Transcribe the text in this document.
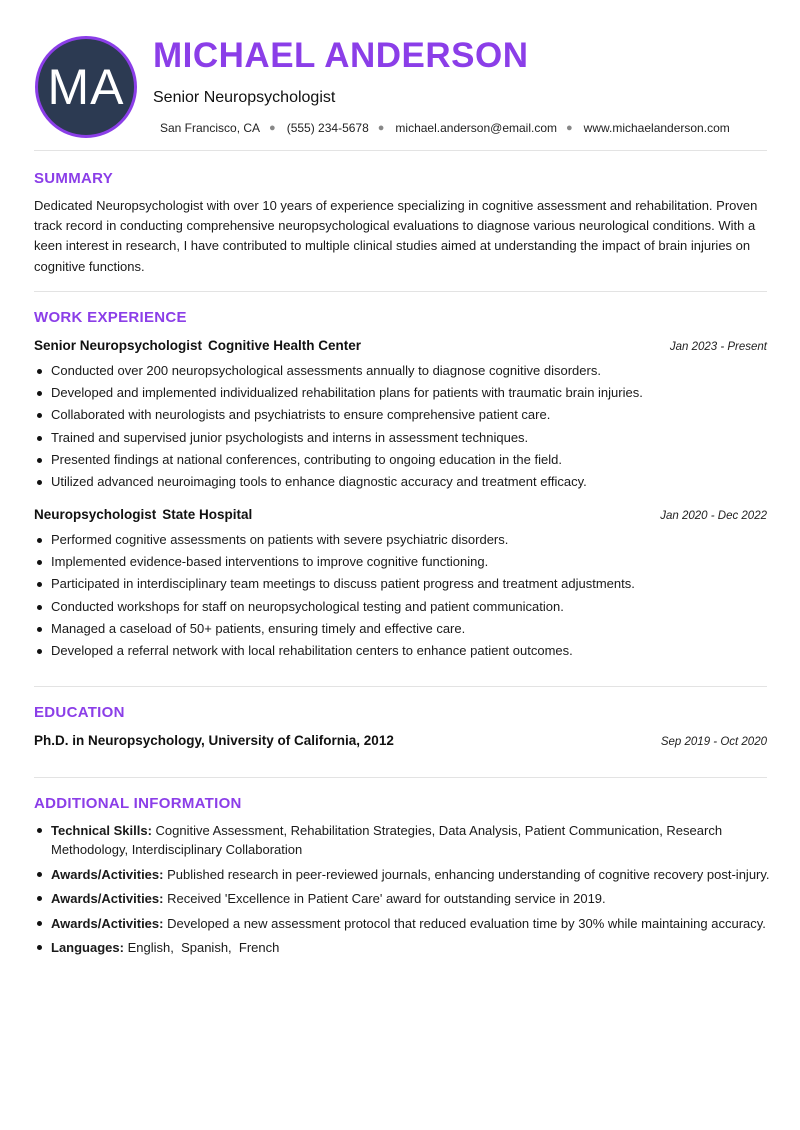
MA
MICHAEL ANDERSON
Senior Neuropsychologist
San Francisco, CA ● (555) 234-5678 ● michael.anderson@email.com ● www.michaelanderson.com
SUMMARY

Dedicated Neuropsychologist with over 10 years of experience specializing in cognitive assessment and rehabilitation. Proven track record in conducting comprehensive neuropsychological evaluations to diagnose various neurological conditions. With a keen interest in research, I have contributed to multiple clinical studies aimed at understanding the impact of brain injuries on cognitive functions.

WORK EXPERIENCE
Senior Neuropsychologist Cognitive Health Center	Jan 2023 - Present
Conducted over 200 neuropsychological assessments annually to diagnose cognitive disorders.
Developed and implemented individualized rehabilitation plans for patients with traumatic brain injuries.
Collaborated with neurologists and psychiatrists to ensure comprehensive patient care.
Trained and supervised junior psychologists and interns in assessment techniques.
Presented findings at national conferences, contributing to ongoing education in the field.
Utilized advanced neuroimaging tools to enhance diagnostic accuracy and treatment efficacy.
Neuropsychologist State Hospital	Jan 2020 - Dec 2022
Performed cognitive assessments on patients with severe psychiatric disorders.
Implemented evidence-based interventions to improve cognitive functioning.
Participated in interdisciplinary team meetings to discuss patient progress and treatment adjustments.
Conducted workshops for staff on neuropsychological testing and patient communication.
Managed a caseload of 50+ patients, ensuring timely and effective care.
Developed a referral network with local rehabilitation centers to enhance patient outcomes.
EDUCATION
Ph.D. in Neuropsychology, University of California, 2012	Sep 2019 - Oct 2020
ADDITIONAL INFORMATION
Technical Skills: Cognitive Assessment, Rehabilitation Strategies, Data Analysis, Patient Communication, Research Methodology, Interdisciplinary Collaboration
Awards/Activities: Published research in peer-reviewed journals, enhancing understanding of cognitive recovery post-injury.
Awards/Activities: Received 'Excellence in Patient Care' award for outstanding service in 2019.
Awards/Activities: Developed a new assessment protocol that reduced evaluation time by 30% while maintaining accuracy.
Languages: English,  Spanish,  French
